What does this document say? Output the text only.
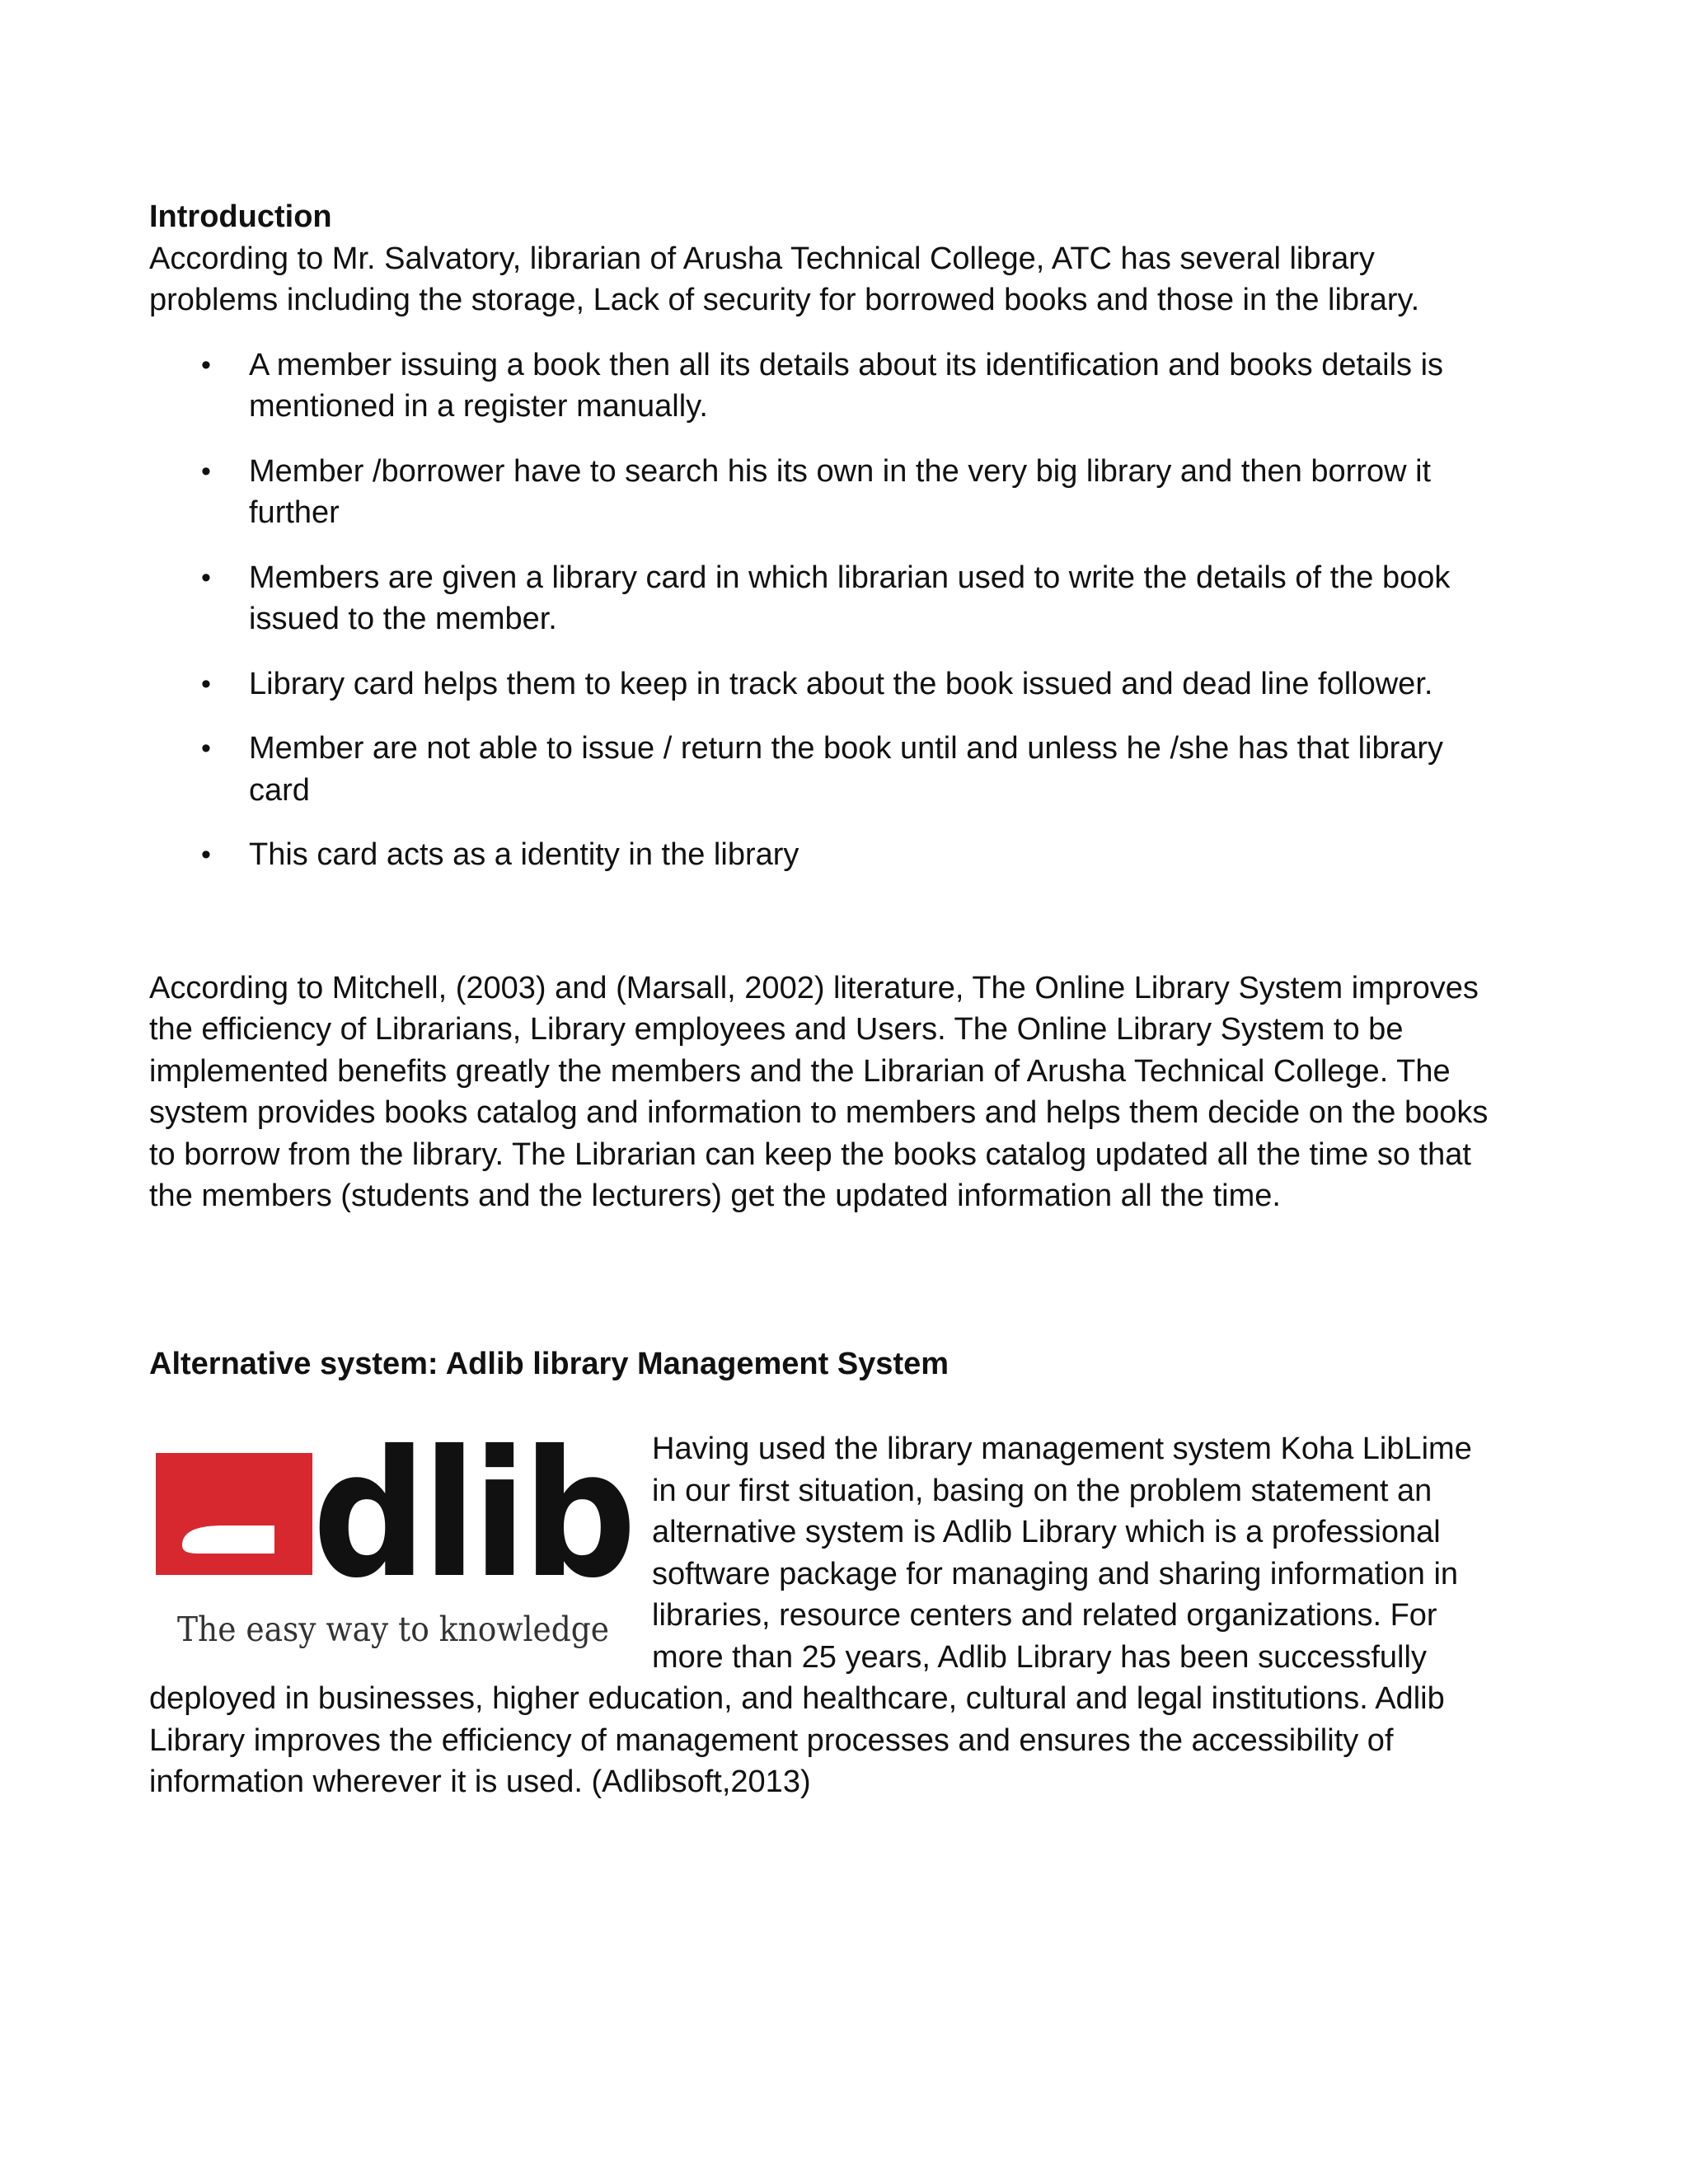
Introduction

According to Mr. Salvatory, librarian of Arusha Technical College, ATC has several library problems including the storage, Lack of security for borrowed books and those in the library.

• A member issuing a book then all its details about its identification and books details is mentioned in a register manually.
• Member /borrower have to search his its own in the very big library and then borrow it further
• Members are given a library card in which librarian used to write the details of the book issued to the member.
• Library card helps them to keep in track about the book issued and dead line follower.
• Member are not able to issue / return the book until and unless he /she has that library card
• This card acts as a identity in the library

According to Mitchell, (2003) and (Marsall, 2002) literature, The Online Library System improves the efficiency of Librarians, Library employees and Users. The Online Library System to be implemented benefits greatly the members and the Librarian of Arusha Technical College. The system provides books catalog and information to members and helps them decide on the books to borrow from the library. The Librarian can keep the books catalog updated all the time so that the members (students and the lecturers) get the updated information all the time.

Alternative system: Adlib library Management System

dlib
The easy way to knowledge

Having used the library management system Koha LibLime in our first situation, basing on the problem statement an alternative system is Adlib Library which is a professional software package for managing and sharing information in libraries, resource centers and related organizations. For more than 25 years, Adlib Library has been successfully deployed in businesses, higher education, and healthcare, cultural and legal institutions. Adlib Library improves the efficiency of management processes and ensures the accessibility of information wherever it is used. (Adlibsoft,2013)
